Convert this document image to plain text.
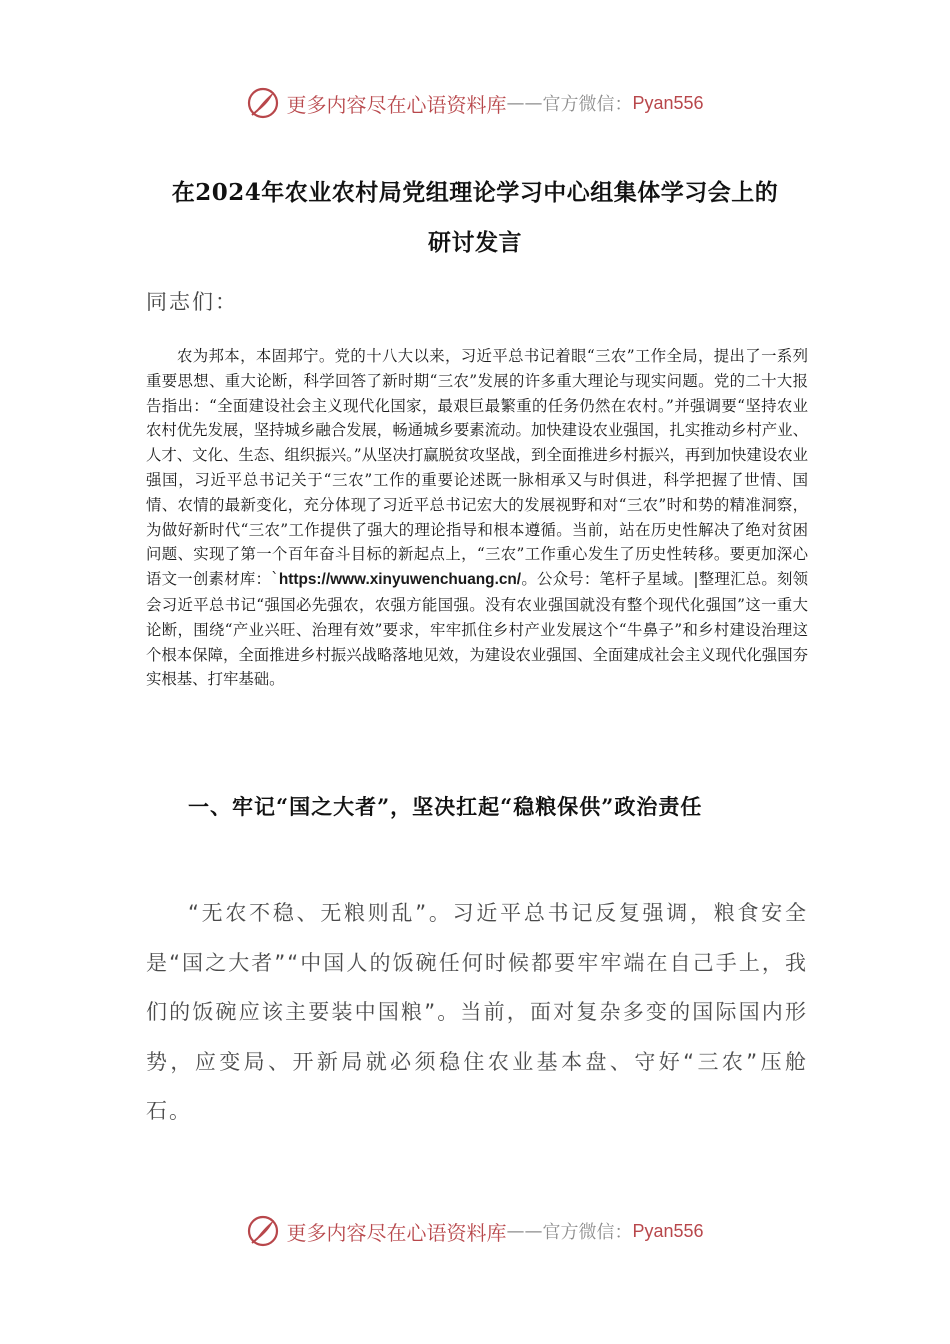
更多内容尽在心语资料库 —— 官方微信： Pyan556
在2024年农业农村局党组理论学习中心组集体学习会上的
研讨发言
同志们：
农为邦本，本固邦宁。党的十八大以来，习近平总书记着眼“三农”工作全局，提出了一系列重要思想、重大论断，科学回答了新时期“三农”发展的许多重大理论与现实问题。党的二十大报告指出：“全面建设社会主义现代化国家，最艰巨最繁重的任务仍然在农村。”并强调要“坚持农业农村优先发展，坚持城乡融合发展，畅通城乡要素流动。加快建设农业强国，扎实推动乡村产业、人才、文化、生态、组织振兴。”从坚决打赢脱贫攻坚战，到全面推进乡村振兴，再到加快建设农业强国，习近平总书记关于“三农”工作的重要论述既一脉相承又与时俱进，科学把握了世情、国情、农情的最新变化，充分体现了习近平总书记宏大的发展视野和对“三农”时和势的精准洞察，为做好新时代“三农”工作提供了强大的理论指导和根本遵循。当前，站在历史性解决了绝对贫困问题、实现了第一个百年奋斗目标的新起点上，“三农”工作重心发生了历史性转移。要更加深心语文一创素材库：`https://www.xinyuwenchuang.cn/。公众号：笔杆子星域。|整理汇总。刻领会习近平总书记“强国必先强农，农强方能国强。没有农业强国就没有整个现代化强国”这一重大论断，围绕“产业兴旺、治理有效”要求，牢牢抓住乡村产业发展这个“牛鼻子”和乡村建设治理这个根本保障，全面推进乡村振兴战略落地见效，为建设农业强国、全面建成社会主义现代化强国夯实根基、打牢基础。
一、牢记“国之大者”，坚决扛起“稳粮保供”政治责任
“无农不稳、无粮则乱”。习近平总书记反复强调，粮食安全是“国之大者”“中国人的饭碗任何时候都要牢牢端在自己手上，我们的饭碗应该主要装中国粮”。当前，面对复杂多变的国际国内形势，应变局、开新局就必须稳住农业基本盘、守好“三农”压舱石。
更多内容尽在心语资料库 —— 官方微信： Pyan556
